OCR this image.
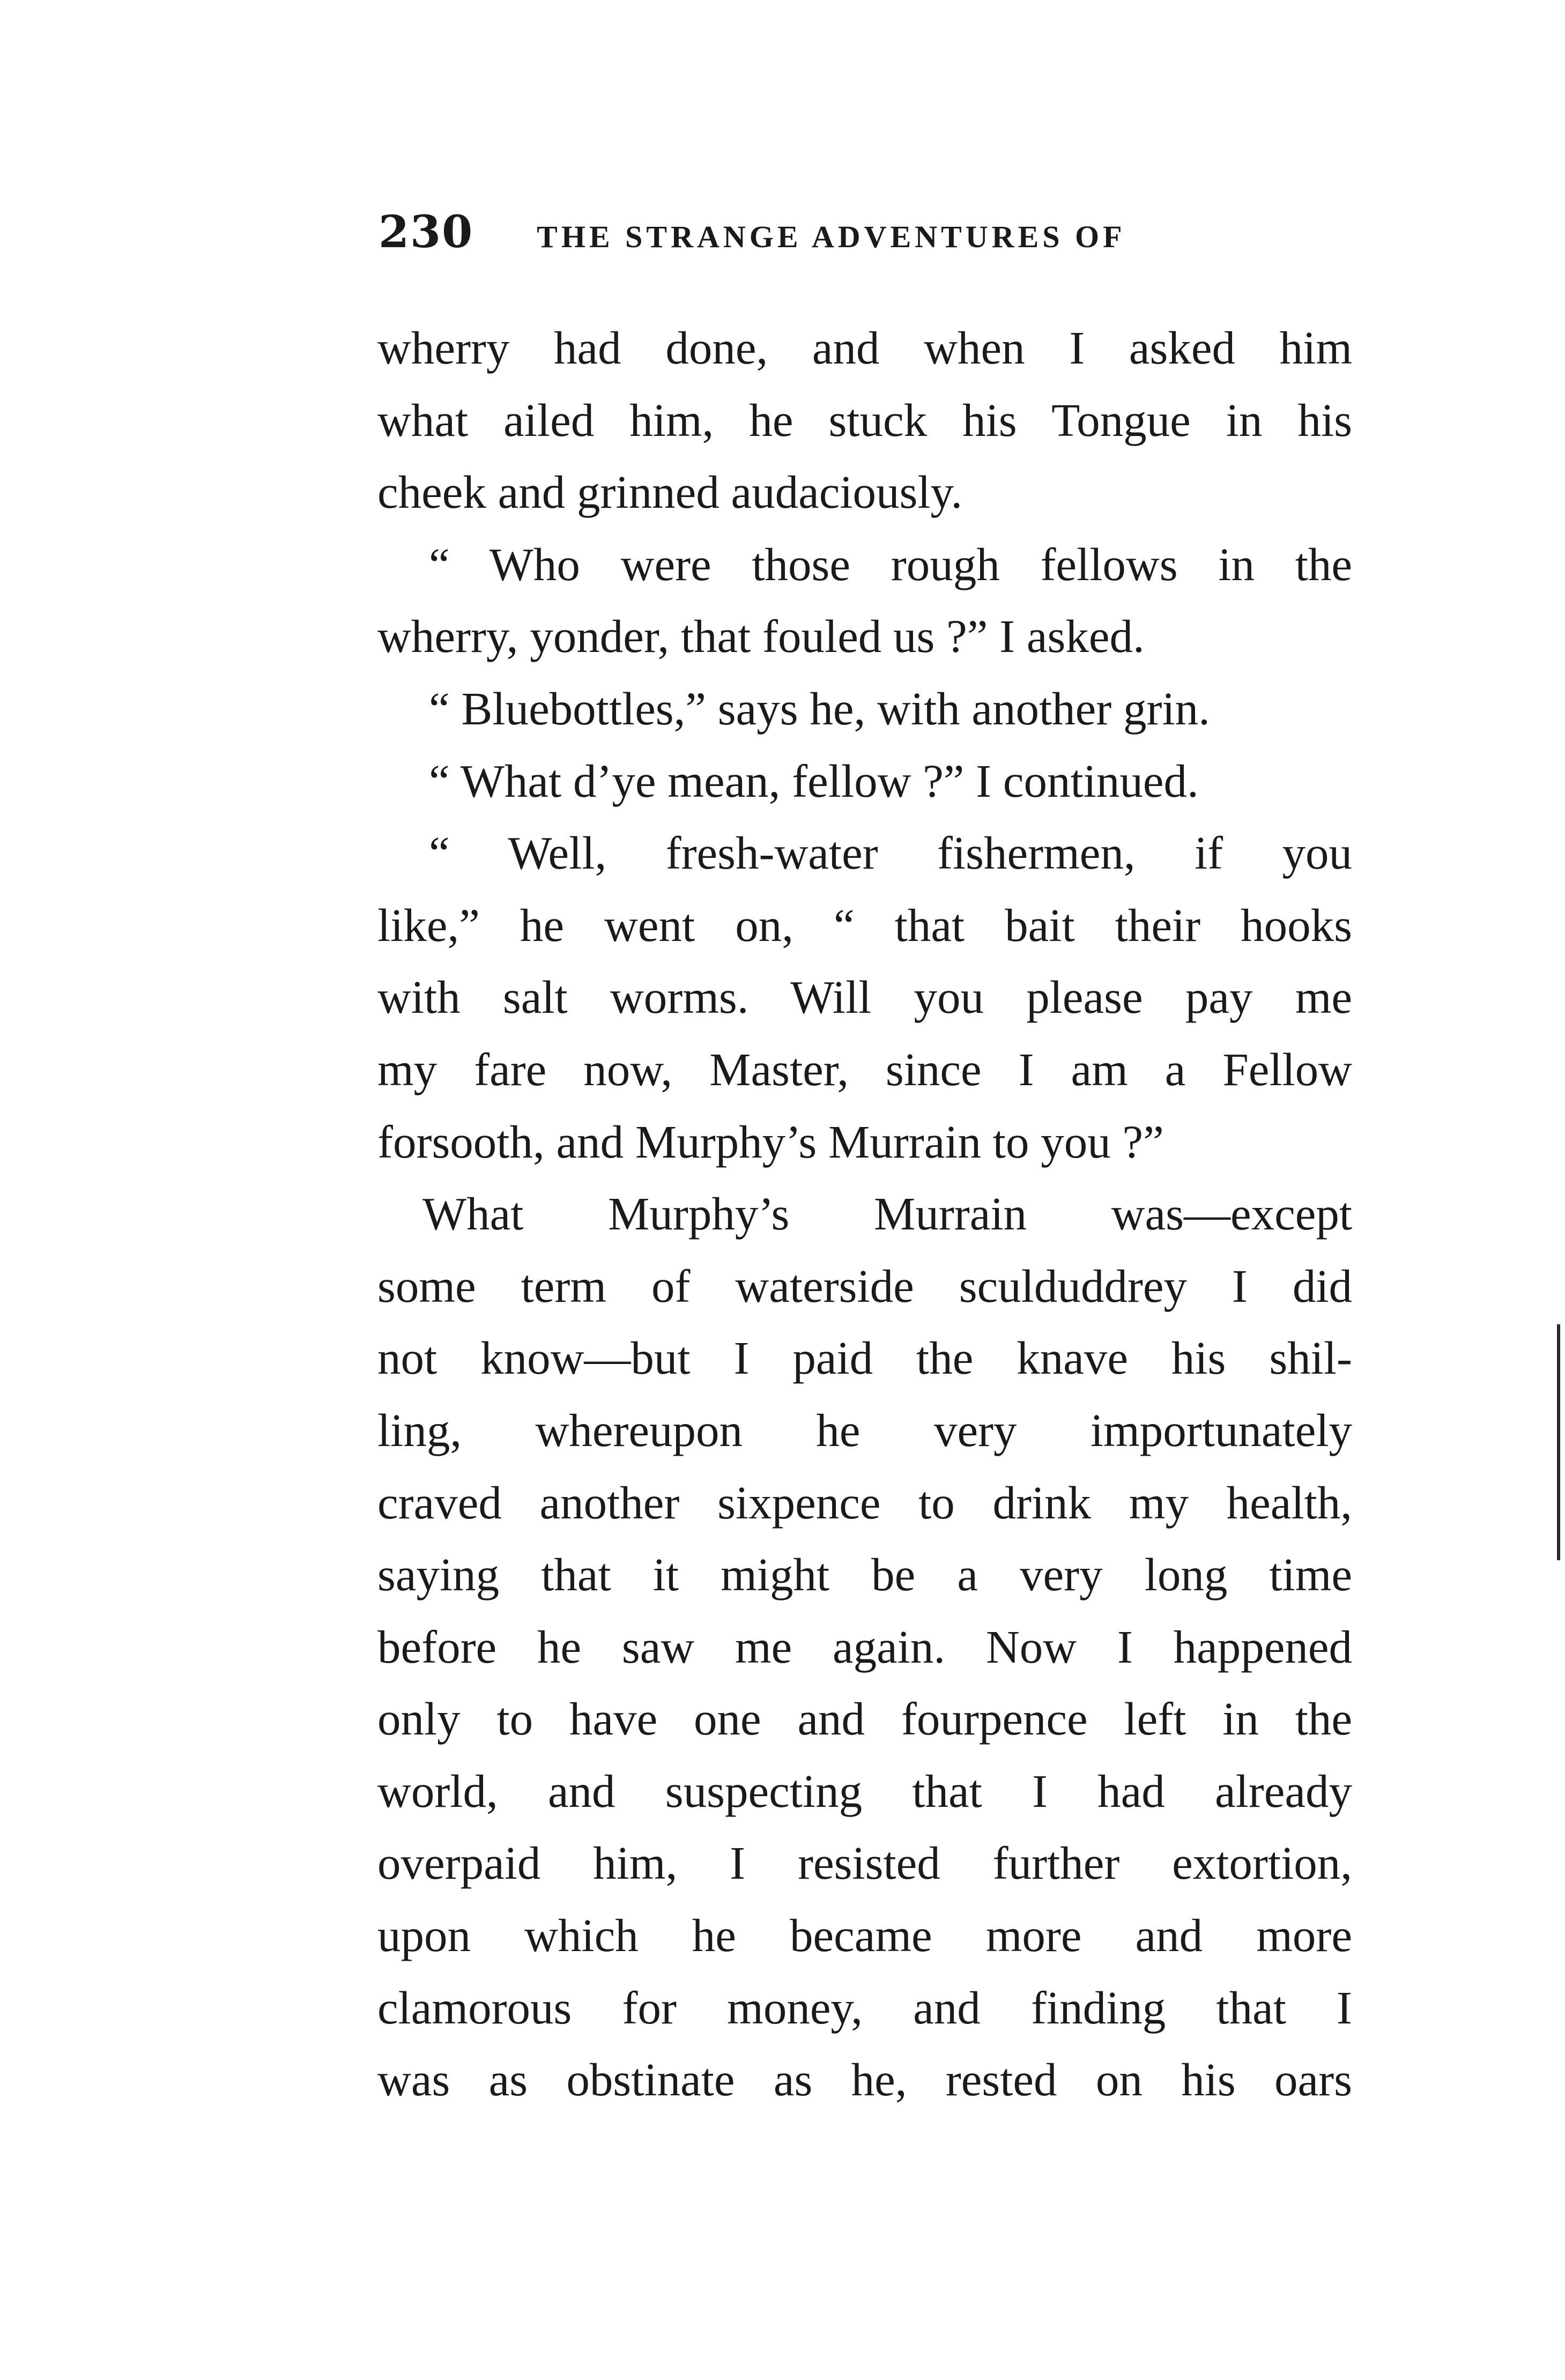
230 THE STRANGE ADVENTURES OF
wherry had done, and when I asked him
what ailed him, he stuck his Tongue in his
cheek and grinned audaciously.
“ Who were those rough fellows in the
wherry, yonder, that fouled us ?” I asked.
“ Bluebottles,” says he, with another grin.
“ What d’ye mean, fellow ?” I continued.
“ Well, fresh-water fishermen, if you
like,” he went on, “ that bait their hooks
with salt worms. Will you please pay me
my fare now, Master, since I am a Fellow
forsooth, and Murphy’s Murrain to you ?”
What Murphy’s Murrain was—except
some term of waterside sculduddrey I did
not know—but I paid the knave his shil-
ling, whereupon he very importunately
craved another sixpence to drink my health,
saying that it might be a very long time
before he saw me again. Now I happened
only to have one and fourpence left in the
world, and suspecting that I had already
overpaid him, I resisted further extortion,
upon which he became more and more
clamorous for money, and finding that I
was as obstinate as he, rested on his oars
